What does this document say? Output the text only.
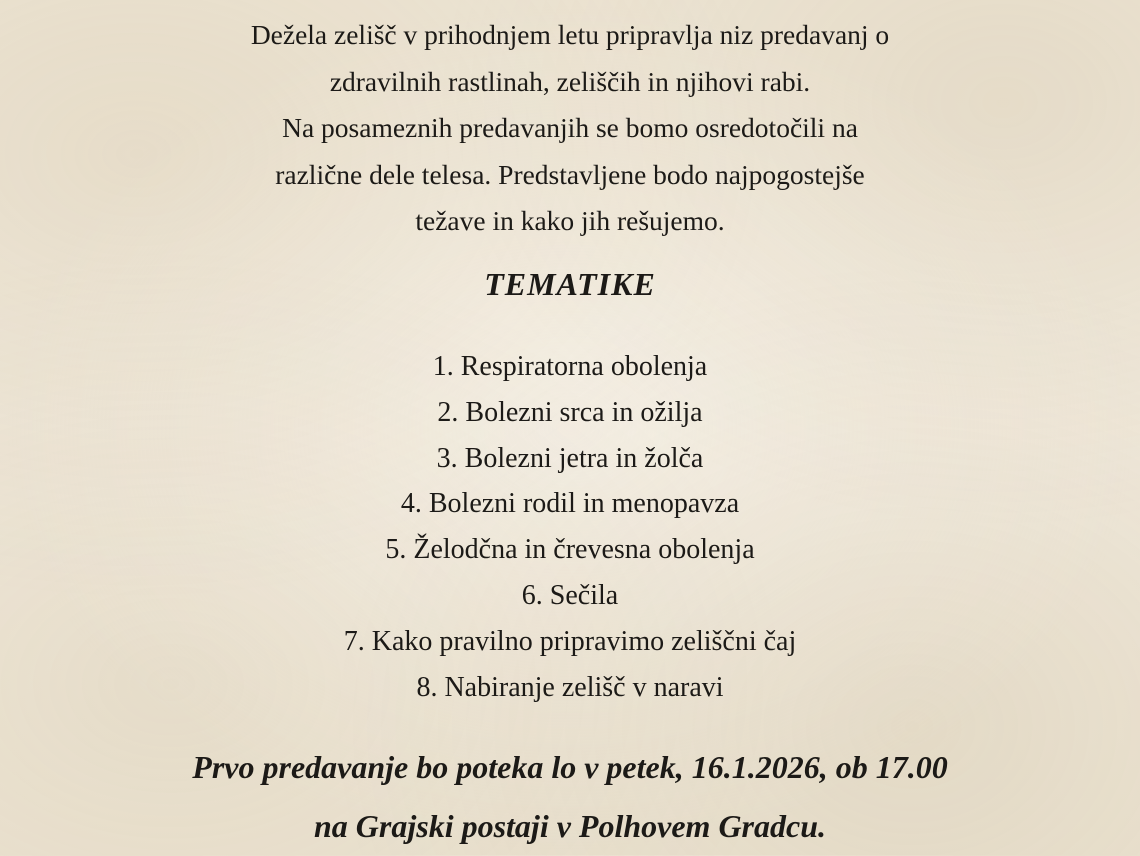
Dežela zelišč v prihodnjem letu pripravlja niz predavanj o
zdravilnih rastlinah, zeliščih in njihovi rabi.
Na posameznih predavanjih se bomo osredotočili na
različne dele telesa. Predstavljene bodo najpogostejše
težave in kako jih rešujemo.
TEMATIKE
1. Respiratorna obolenja
2. Bolezni srca in ožilja
3. Bolezni jetra in žolča
4. Bolezni rodil in menopavza
5. Želodčna in črevesna obolenja
6. Sečila
7. Kako pravilno pripravimo zeliščni čaj
8. Nabiranje zelišč v naravi
Prvo predavanje bo poteka lo v petek, 16.1.2026, ob 17.00
na Grajski postaji v Polhovem Gradcu.
